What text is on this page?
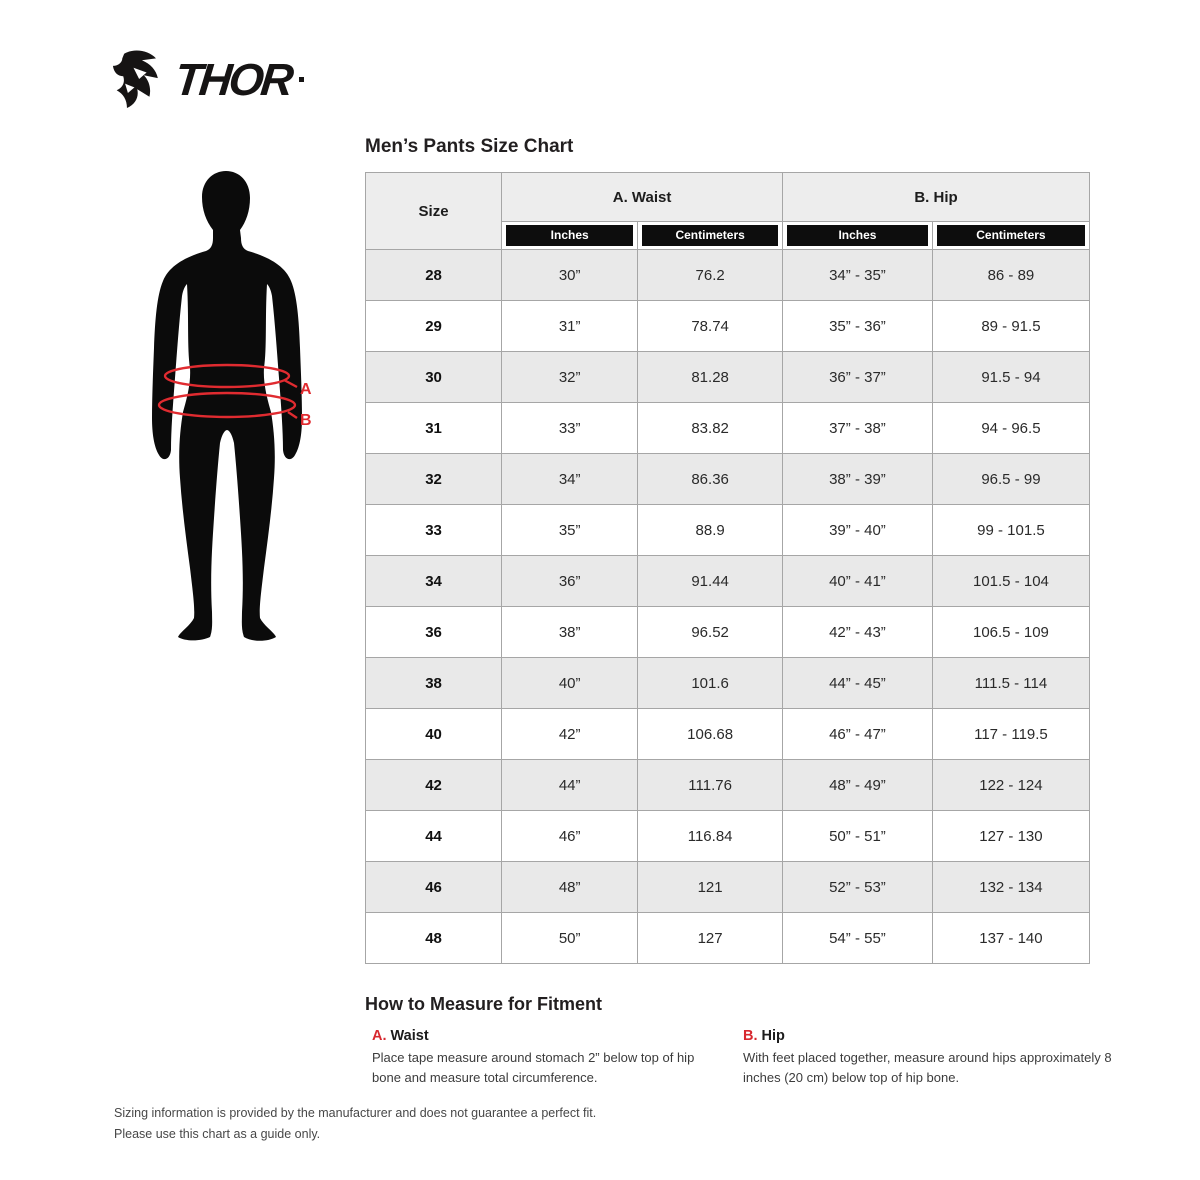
THOR
Men’s Pants Size Chart
A
B
Size	A. Waist		B. Hip	

	Inches	Centimeters	Inches	Centimeters

28	30”	76.2	34” - 35”	86 - 89
29	31”	78.74	35” - 36”	89 - 91.5
30	32”	81.28	36” - 37”	91.5 - 94
31	33”	83.82	37” - 38”	94 - 96.5
32	34”	86.36	38” - 39”	96.5 - 99
33	35”	88.9	39” - 40”	99 - 101.5
34	36”	91.44	40” - 41”	101.5 - 104
36	38”	96.52	42” - 43”	106.5 - 109
38	40”	101.6	44” - 45”	111.5 - 114
40	42”	106.68	46” - 47”	117 - 119.5
42	44”	111.76	48” - 49”	122 - 124
44	46”	116.84	50” - 51”	127 - 130
46	48”	121	52” - 53”	132 - 134
48	50”	127	54” - 55”	137 - 140
How to Measure for Fitment
A. Waist
Place tape measure around stomach 2” below top of hip bone and measure total circumference.
B. Hip
With feet placed together, measure around hips approximately 8 inches (20 cm) below top of hip bone.
Sizing information is provided by the manufacturer and does not guarantee a perfect fit.
Please use this chart as a guide only.
